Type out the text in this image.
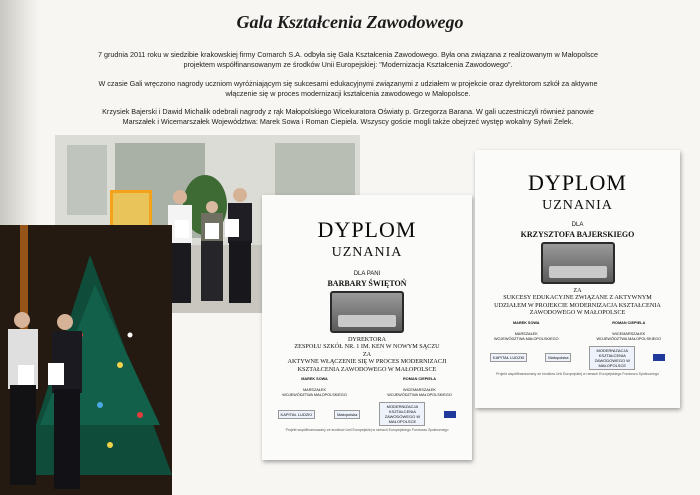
Gala Kształcenia Zawodowego
7 grudnia 2011 roku w siedzibie krakowskiej firmy Comarch S.A. odbyła się Gala Kształcenia Zawodowego. Była ona związana z realizowanym w Małopolsce projektem współfinansowanym ze środków Unii Europejskiej: "Modernizacja Kształcenia Zawodowego".
W czasie Gali wręczono nagrody uczniom wyróżniającym się sukcesami edukacyjnymi związanymi z udziałem w projekcie oraz dyrektorom szkół za aktywne włączenie się w proces modernizacji kształcenia zawodowego w Małopolsce.
Krzysiek Bajerski i Dawid Michalik odebrali nagrody z rąk Małopolskiego Wicekuratora Oświaty p. Grzegorza Barana. W gali uczestniczyli również panowie Marszałek i Wicemarszałek Województwa: Marek Sowa i Roman Ciepiela. Wszyscy goście mogli także obejrzeć występ wokalny Sylwii Żelek.
DYPLOM
UZNANIA
DLA PANI
BARBARY ŚWIĘTOŃ
DYREKTORA
ZESPOŁU SZKÓŁ NR. 1 IM. KEN W NOWYM SĄCZU
ZA
AKTYWNE WŁĄCZENIE SIĘ W PROCES MODERNIZACJI KSZTAŁCENIA ZAWODOWEGO W MAŁOPOLSCE
MAREK SOWA
MARSZAŁEK
WOJEWÓDZTWA MAŁOPOLSKIEGO
ROMAN CIEPIELA
WICEMARSZAŁEK
WOJEWÓDZTWA MAŁOPOLSKIEGO
KAPITAŁ LUDZKI	Małopolska
MODERNIZACJA KSZTAŁCENIA ZAWODOWEGO W MAŁOPOLSCE
Projekt współfinansowany ze środków Unii Europejskiej w ramach Europejskiego Funduszu Społecznego
DYPLOM
UZNANIA
DLA
KRZYSZTOFA BAJERSKIEGO
ZA
SUKCESY EDUKACYJNE ZWIĄZANE Z AKTYWNYM UDZIAŁEM W PROJEKCIE MODERNIZACJA KSZTAŁCENIA ZAWODOWEGO W MAŁOPOLSCE
MAREK SOWA
MARSZAŁEK
WOJEWÓDZTWA MAŁOPOLSKIEGO
ROMAN CIEPIELA
WICEMARSZAŁEK
WOJEWÓDZTWA MAŁOPOLSKIEGO
KAPITAŁ LUDZKI	Małopolska
MODERNIZACJA KSZTAŁCENIA ZAWODOWEGO W MAŁOPOLSCE
Projekt współfinansowany ze środków Unii Europejskiej w ramach Europejskiego Funduszu Społecznego
